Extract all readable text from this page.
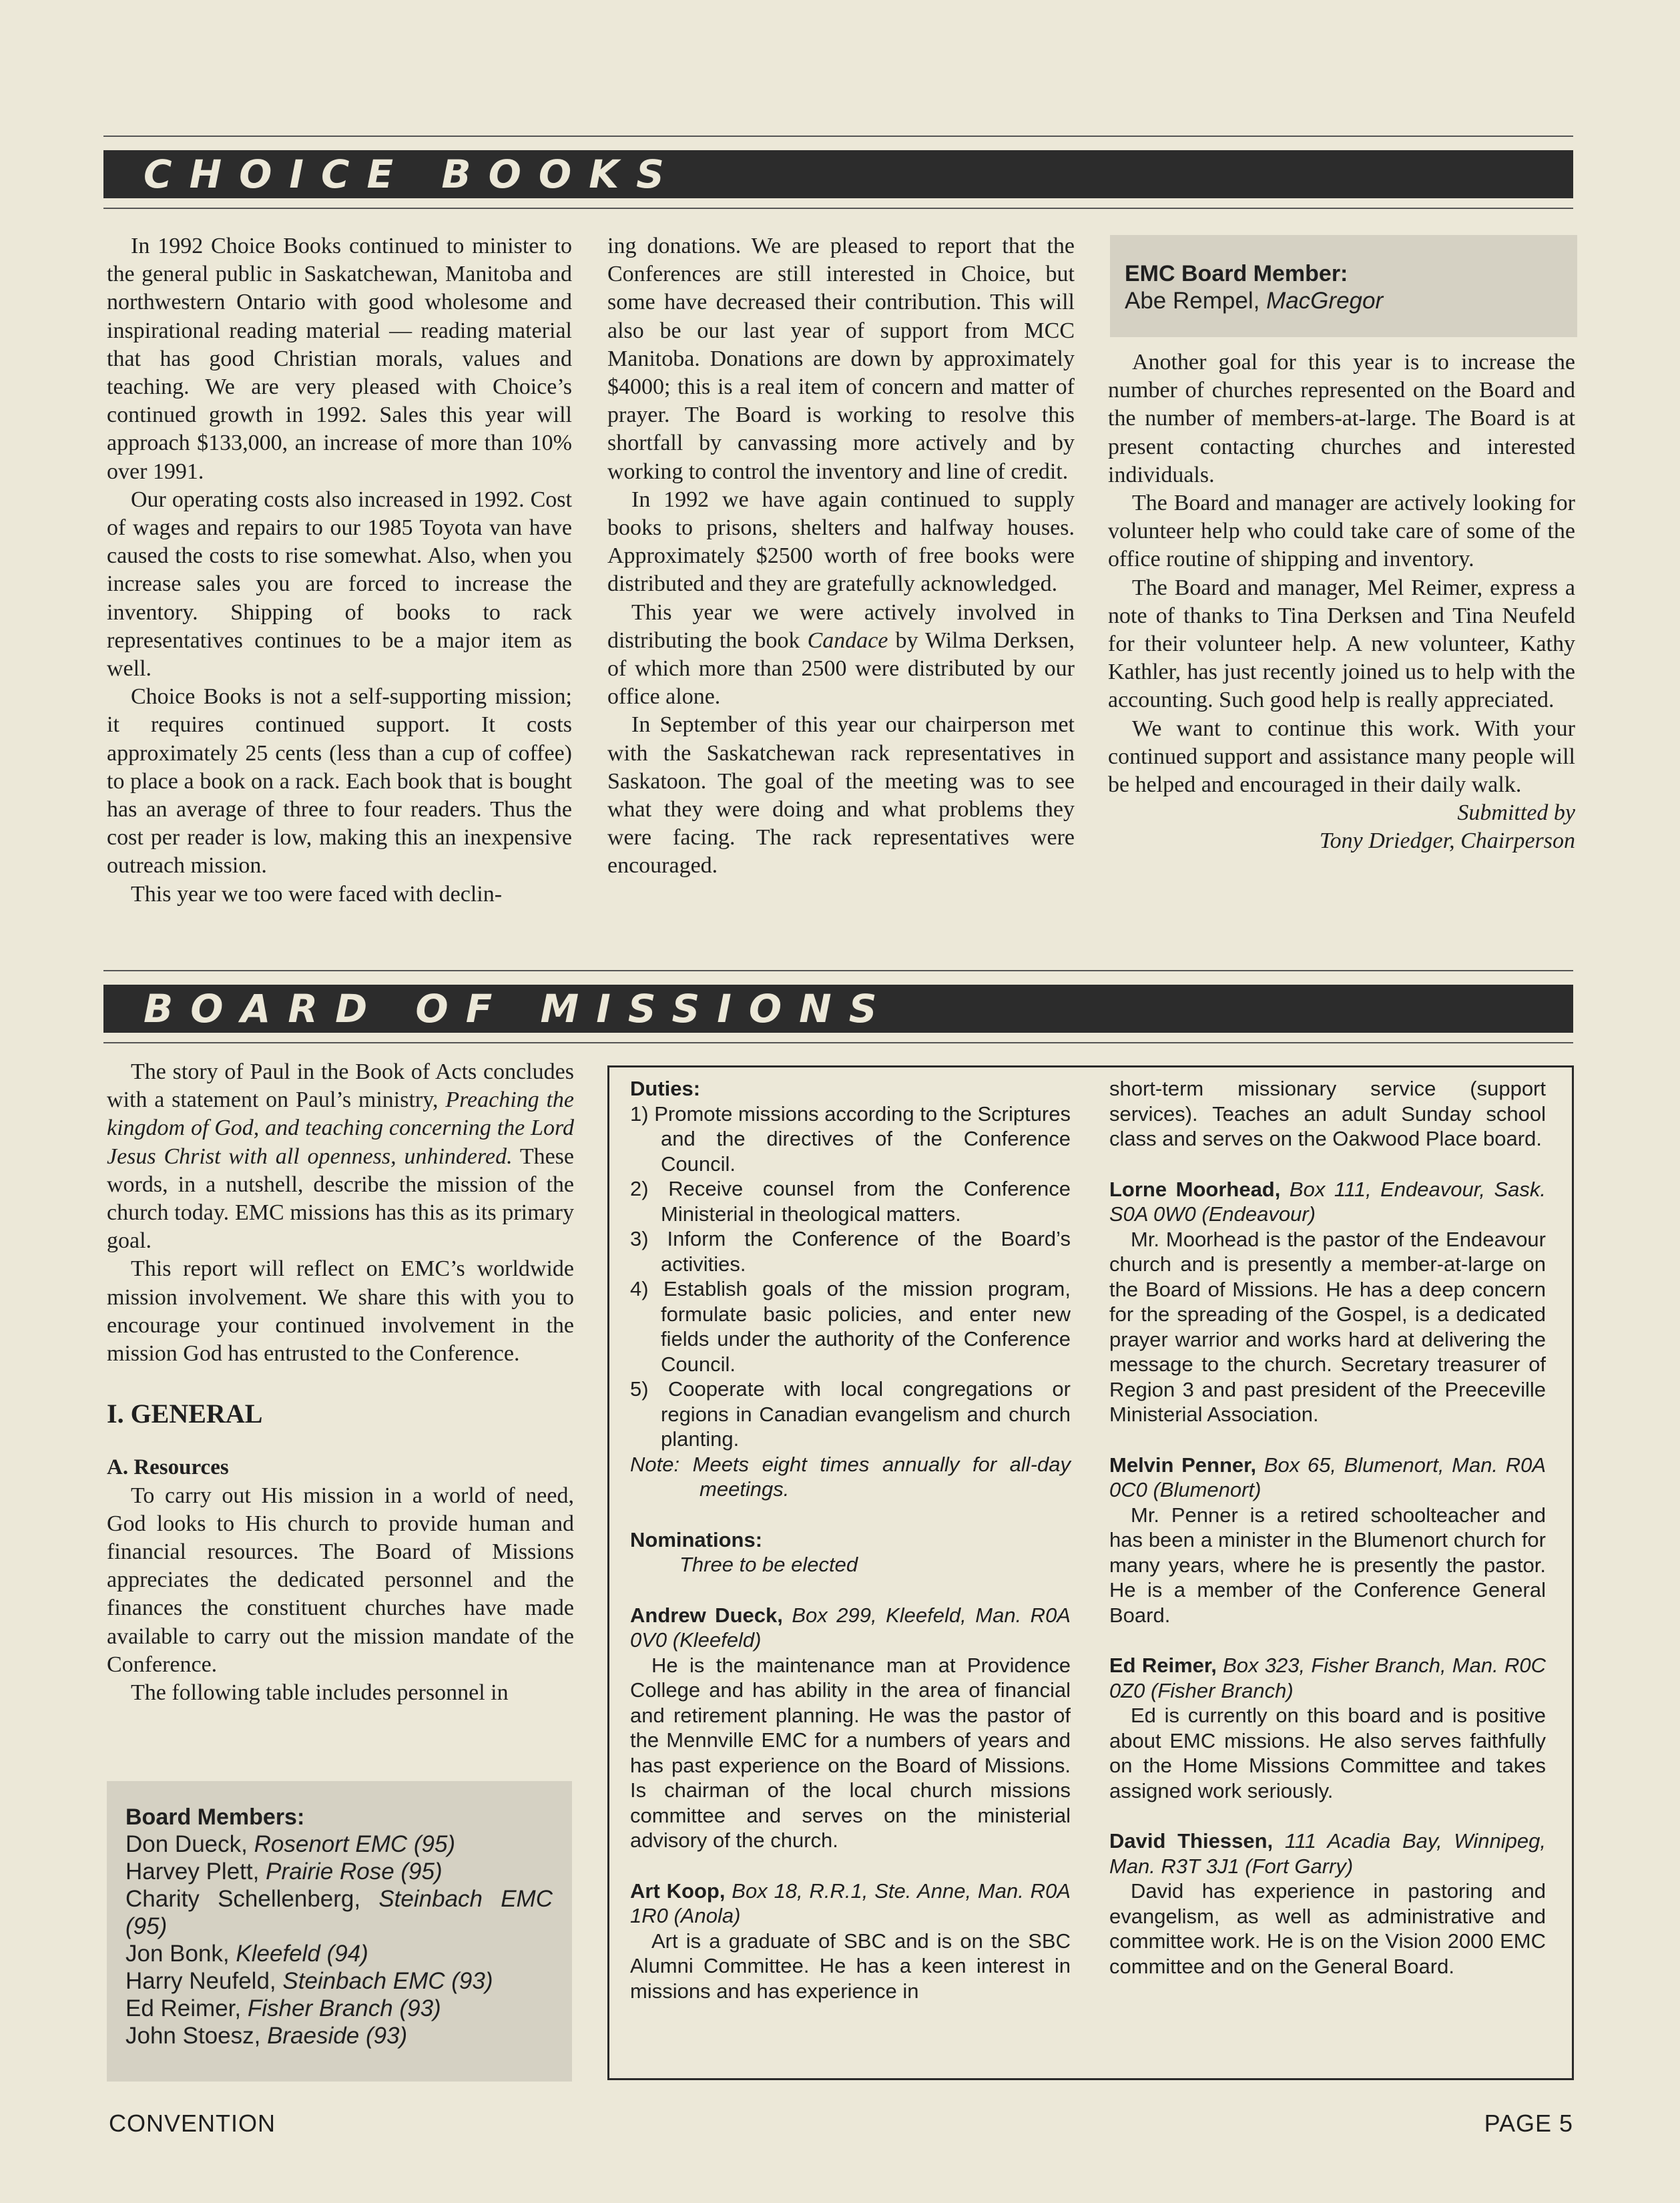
CHOICE BOOKS

In 1992 Choice Books continued to minister to the general public in Saskatchewan, Manitoba and northwestern Ontario with good wholesome and inspirational reading material — reading material that has good Christian morals, values and teaching. We are very pleased with Choice’s continued growth in 1992. Sales this year will approach $133,000, an increase of more than 10% over 1991.

Our operating costs also increased in 1992. Cost of wages and repairs to our 1985 Toyota van have caused the costs to rise somewhat. Also, when you increase sales you are forced to increase the inventory. Shipping of books to rack representatives continues to be a major item as well.

Choice Books is not a self-supporting mission; it requires continued support. It costs approximately 25 cents (less than a cup of coffee) to place a book on a rack. Each book that is bought has an average of three to four readers. Thus the cost per reader is low, making this an inexpensive outreach mission.

This year we too were faced with declin-

ing donations. We are pleased to report that the Conferences are still interested in Choice, but some have decreased their contribution. This will also be our last year of support from MCC Manitoba. Donations are down by approximately $4000; this is a real item of concern and matter of prayer. The Board is working to resolve this shortfall by canvassing more actively and by working to control the inventory and line of credit.

In 1992 we have again continued to supply books to prisons, shelters and halfway houses. Approximately $2500 worth of free books were distributed and they are gratefully acknowledged.

This year we were actively involved in distributing the book Candace by Wilma Derksen, of which more than 2500 were distributed by our office alone.

In September of this year our chairperson met with the Saskatchewan rack representatives in Saskatoon. The goal of the meeting was to see what they were doing and what problems they were facing. The rack representatives were encouraged.

EMC Board Member:
Abe Rempel, MacGregor

Another goal for this year is to increase the number of churches represented on the Board and the number of members-at-large. The Board is at present contacting churches and interested individuals.

The Board and manager are actively looking for volunteer help who could take care of some of the office routine of shipping and inventory.

The Board and manager, Mel Reimer, express a note of thanks to Tina Derksen and Tina Neufeld for their volunteer help. A new volunteer, Kathy Kathler, has just recently joined us to help with the accounting. Such good help is really appreciated.

We want to continue this work. With your continued support and assistance many people will be helped and encouraged in their daily walk.

Submitted by

Tony Driedger, Chairperson

BOARD OF MISSIONS

The story of Paul in the Book of Acts concludes with a statement on Paul’s ministry, Preaching the kingdom of God, and teaching concerning the Lord Jesus Christ with all openness, unhindered. These words, in a nutshell, describe the mission of the church today. EMC missions has this as its primary goal.

This report will reflect on EMC’s worldwide mission involvement. We share this with you to encourage your continued involvement in the mission God has entrusted to the Conference.

I. GENERAL

A. Resources

To carry out His mission in a world of need, God looks to His church to provide human and financial resources. The Board of Missions appreciates the dedicated personnel and the finances the constituent churches have made available to carry out the mission mandate of the Conference.

The following table includes personnel in

Board Members:
Don Dueck, Rosenort EMC (95)
Harvey Plett, Prairie Rose (95)
Charity Schellenberg, Steinbach EMC (95)
Jon Bonk, Kleefeld (94)
Harry Neufeld, Steinbach EMC (93)
Ed Reimer, Fisher Branch (93)
John Stoesz, Braeside (93)

Duties:

1) Promote missions according to the Scriptures and the directives of the Conference Council.
2) Receive counsel from the Conference Ministerial in theological matters.
3) Inform the Conference of the Board’s activities.
4) Establish goals of the mission program, formulate basic policies, and enter new fields under the authority of the Conference Council.
5) Cooperate with local congregations or regions in Canadian evangelism and church planting.

Note: Meets eight times annually for all-day meetings.

Nominations:

Three to be elected

Andrew Dueck, Box 299, Kleefeld, Man. R0A 0V0 (Kleefeld)

He is the maintenance man at Providence College and has ability in the area of financial and retirement planning. He was the pastor of the Mennville EMC for a numbers of years and has past experience on the Board of Missions. Is chairman of the local church missions committee and serves on the ministerial advisory of the church.

Art Koop, Box 18, R.R.1, Ste. Anne, Man. R0A 1R0 (Anola)

Art is a graduate of SBC and is on the SBC Alumni Committee. He has a keen interest in missions and has experience in

short-term missionary service (support services). Teaches an adult Sunday school class and serves on the Oakwood Place board.

Lorne Moorhead, Box 111, Endeavour, Sask. S0A 0W0 (Endeavour)

Mr. Moorhead is the pastor of the Endeavour church and is presently a member-at-large on the Board of Missions. He has a deep concern for the spreading of the Gospel, is a dedicated prayer warrior and works hard at delivering the message to the church. Secretary treasurer of Region 3 and past president of the Preeceville Ministerial Association.

Melvin Penner, Box 65, Blumenort, Man. R0A 0C0 (Blumenort)

Mr. Penner is a retired schoolteacher and has been a minister in the Blumenort church for many years, where he is presently the pastor. He is a member of the Conference General Board.

Ed Reimer, Box 323, Fisher Branch, Man. R0C 0Z0 (Fisher Branch)

Ed is currently on this board and is positive about EMC missions. He also serves faithfully on the Home Missions Committee and takes assigned work seriously.

David Thiessen, 111 Acadia Bay, Winnipeg, Man. R3T 3J1 (Fort Garry)

David has experience in pastoring and evangelism, as well as administrative and committee work. He is on the Vision 2000 EMC committee and on the General Board.

CONVENTION	PAGE 5
